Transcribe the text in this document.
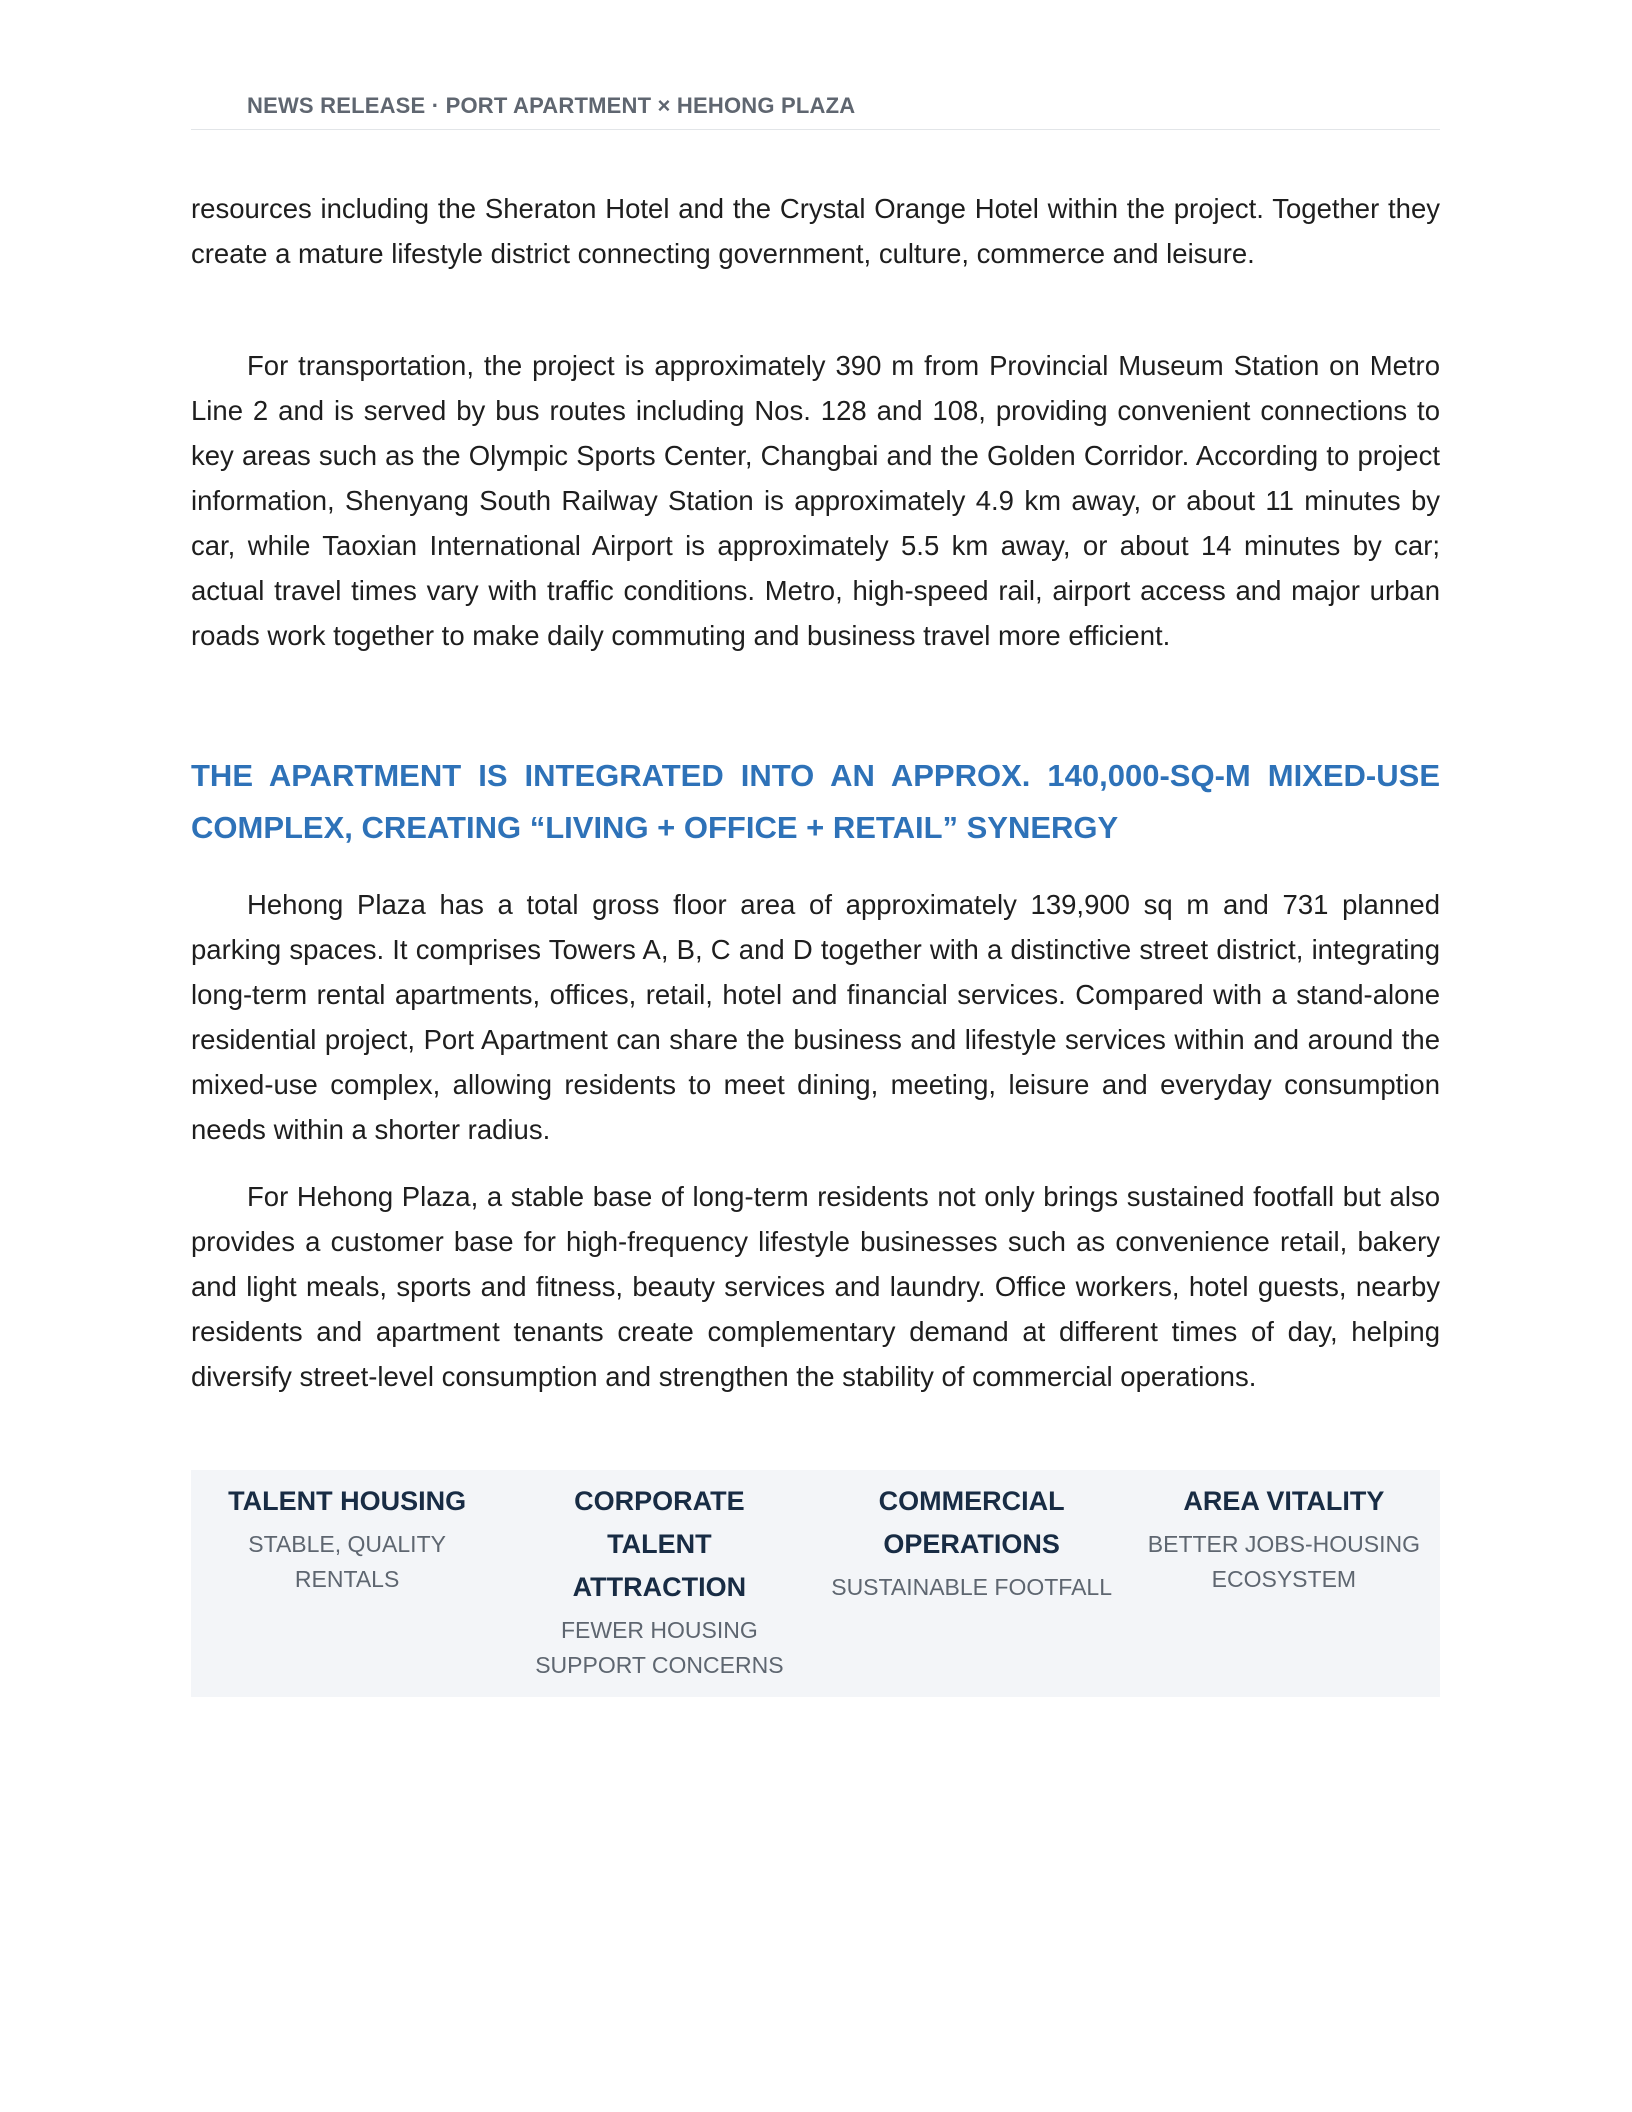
NEWS RELEASE · PORT APARTMENT × HEHONG PLAZA

resources including the Sheraton Hotel and the Crystal Orange Hotel within the project. Together they create a mature lifestyle district connecting government, culture, commerce and leisure.

For transportation, the project is approximately 390 m from Provincial Museum Station on Metro Line 2 and is served by bus routes including Nos. 128 and 108, providing convenient connections to key areas such as the Olympic Sports Center, Changbai and the Golden Corridor. According to project information, Shenyang South Railway Station is approximately 4.9 km away, or about 11 minutes by car, while Taoxian International Airport is approximately 5.5 km away, or about 14 minutes by car; actual travel times vary with traffic conditions. Metro, high-speed rail, airport access and major urban roads work together to make daily commuting and business travel more efficient.

THE APARTMENT IS INTEGRATED INTO AN APPROX. 140,000-SQ-M MIXED-USE COMPLEX, CREATING “LIVING + OFFICE + RETAIL” SYNERGY

Hehong Plaza has a total gross floor area of approximately 139,900 sq m and 731 planned parking spaces. It comprises Towers A, B, C and D together with a distinctive street district, integrating long-term rental apartments, offices, retail, hotel and financial services. Compared with a stand-alone residential project, Port Apartment can share the business and lifestyle services within and around the mixed-use complex, allowing residents to meet dining, meeting, leisure and everyday consumption needs within a shorter radius.

For Hehong Plaza, a stable base of long-term residents not only brings sustained footfall but also provides a customer base for high-frequency lifestyle businesses such as convenience retail, bakery and light meals, sports and fitness, beauty services and laundry. Office workers, hotel guests, nearby residents and apartment tenants create complementary demand at different times of day, helping diversify street-level consumption and strengthen the stability of commercial operations.

TALENT HOUSING
STABLE, QUALITY RENTALS
CORPORATE TALENT ATTRACTION
FEWER HOUSING SUPPORT CONCERNS
COMMERCIAL OPERATIONS
SUSTAINABLE FOOTFALL
AREA VITALITY
BETTER JOBS-HOUSING ECOSYSTEM
